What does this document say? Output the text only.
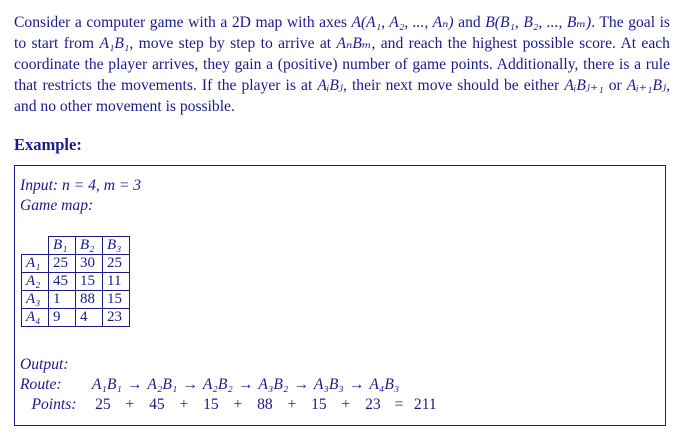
Consider a computer game with a 2D map with axes A(A₁, A₂, ..., Aₙ) and B(B₁, B₂, ..., Bₘ). The goal is to start from A₁B₁, move step by step to arrive at AₙBₘ, and reach the highest possible score. At each coordinate the player arrives, they gain a (positive) number of game points. Additionally, there is a rule that restricts the movements. If the player is at AᵢBⱼ, their next move should be either AᵢBⱼ₊₁ or Aᵢ₊₁Bⱼ, and no other movement is possible.

Example:
Input: n = 4, m = 3
Game map:
	B₁	B₂	B₃
A₁	25	30	25
A₂	45	15	11
A₃	1	88	15
A₄	9	4	23
Output:
Route: A₁B₁ → A₂B₁ → A₂B₂ → A₃B₂ → A₃B₃ → A₄B₃
Points: 25 + 45 + 15 + 88 + 15 + 23 = 211
